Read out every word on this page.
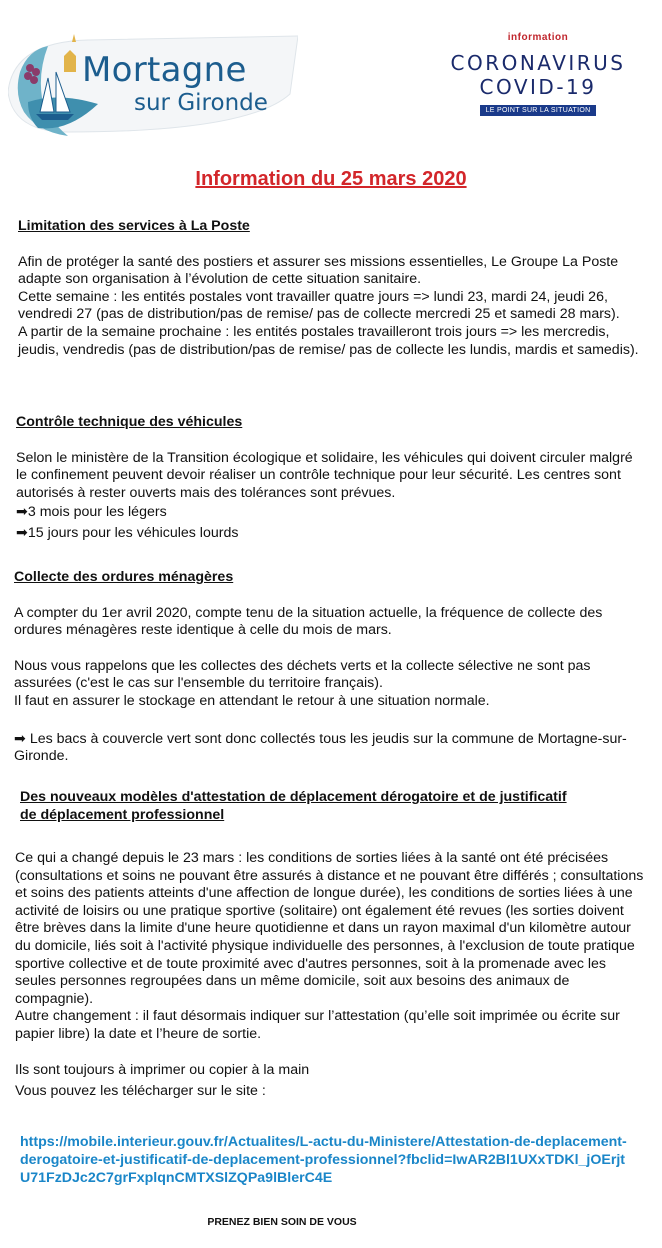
Mortagne
sur Gironde
information
CORONAVIRUS
COVID-19
LE POINT SUR LA SITUATION
Information du 25 mars 2020
Limitation des services à La Poste

Afin de protéger la santé des postiers et assurer ses missions essentielles, Le Groupe La Poste adapte son organisation à l’évolution de cette situation sanitaire.

Cette semaine : les entités postales vont travailler quatre jours => lundi 23, mardi 24, jeudi 26, vendredi 27 (pas de distribution/pas de remise/ pas de collecte mercredi 25 et samedi 28 mars).

A partir de la semaine prochaine : les entités postales travailleront trois jours => les mercredis, jeudis, vendredis (pas de distribution/pas de remise/ pas de collecte les lundis, mardis et samedis).

Contrôle technique des véhicules

Selon le ministère de la Transition écologique et solidaire, les véhicules qui doivent circuler malgré le confinement peuvent devoir réaliser un contrôle technique pour leur sécurité. Les centres sont autorisés à rester ouverts mais des tolérances sont prévues.

➡3 mois pour les légers

➡15 jours pour les véhicules lourds

Collecte des ordures ménagères

A compter du 1er avril 2020, compte tenu de la situation actuelle, la fréquence de collecte des ordures ménagères reste identique à celle du mois de mars.

Nous vous rappelons que les collectes des déchets verts et la collecte sélective ne sont pas assurées (c'est le cas sur l'ensemble du territoire français).

Il faut en assurer le stockage en attendant le retour à une situation normale.

➡ Les bacs à couvercle vert sont donc collectés tous les jeudis sur la commune de Mortagne-sur-Gironde.

Des nouveaux modèles d'attestation de déplacement dérogatoire et de justificatif
de déplacement professionnel

Ce qui a changé depuis le 23 mars : les conditions de sorties liées à la santé ont été précisées (consultations et soins ne pouvant être assurés à distance et ne pouvant être différés ; consultations et soins des patients atteints d'une affection de longue durée), les conditions de sorties liées à une activité de loisirs ou une pratique sportive (solitaire) ont également été revues (les sorties doivent être brèves dans la limite d'une heure quotidienne et dans un rayon maximal d'un kilomètre autour du domicile, liés soit à l'activité physique individuelle des personnes, à l'exclusion de toute pratique sportive collective et de toute proximité avec d'autres personnes, soit à la promenade avec les seules personnes regroupées dans un même domicile, soit aux besoins des animaux de compagnie).

Autre changement : il faut désormais indiquer sur l’attestation (qu’elle soit imprimée ou écrite sur papier libre) la date et l’heure de sortie.

Ils sont toujours à imprimer ou copier à la main

Vous pouvez les télécharger sur le site :

https://mobile.interieur.gouv.fr/Actualites/L-actu-du-Ministere/Attestation-de-deplacement-derogatoire-et-justificatif-de-deplacement-professionnel?fbclid=IwAR2Bl1UXxTDKl_jOErjtU71FzDJc2C7grFxplqnCMTXSlZQPa9lBlerC4E
PRENEZ BIEN SOIN DE VOUS
